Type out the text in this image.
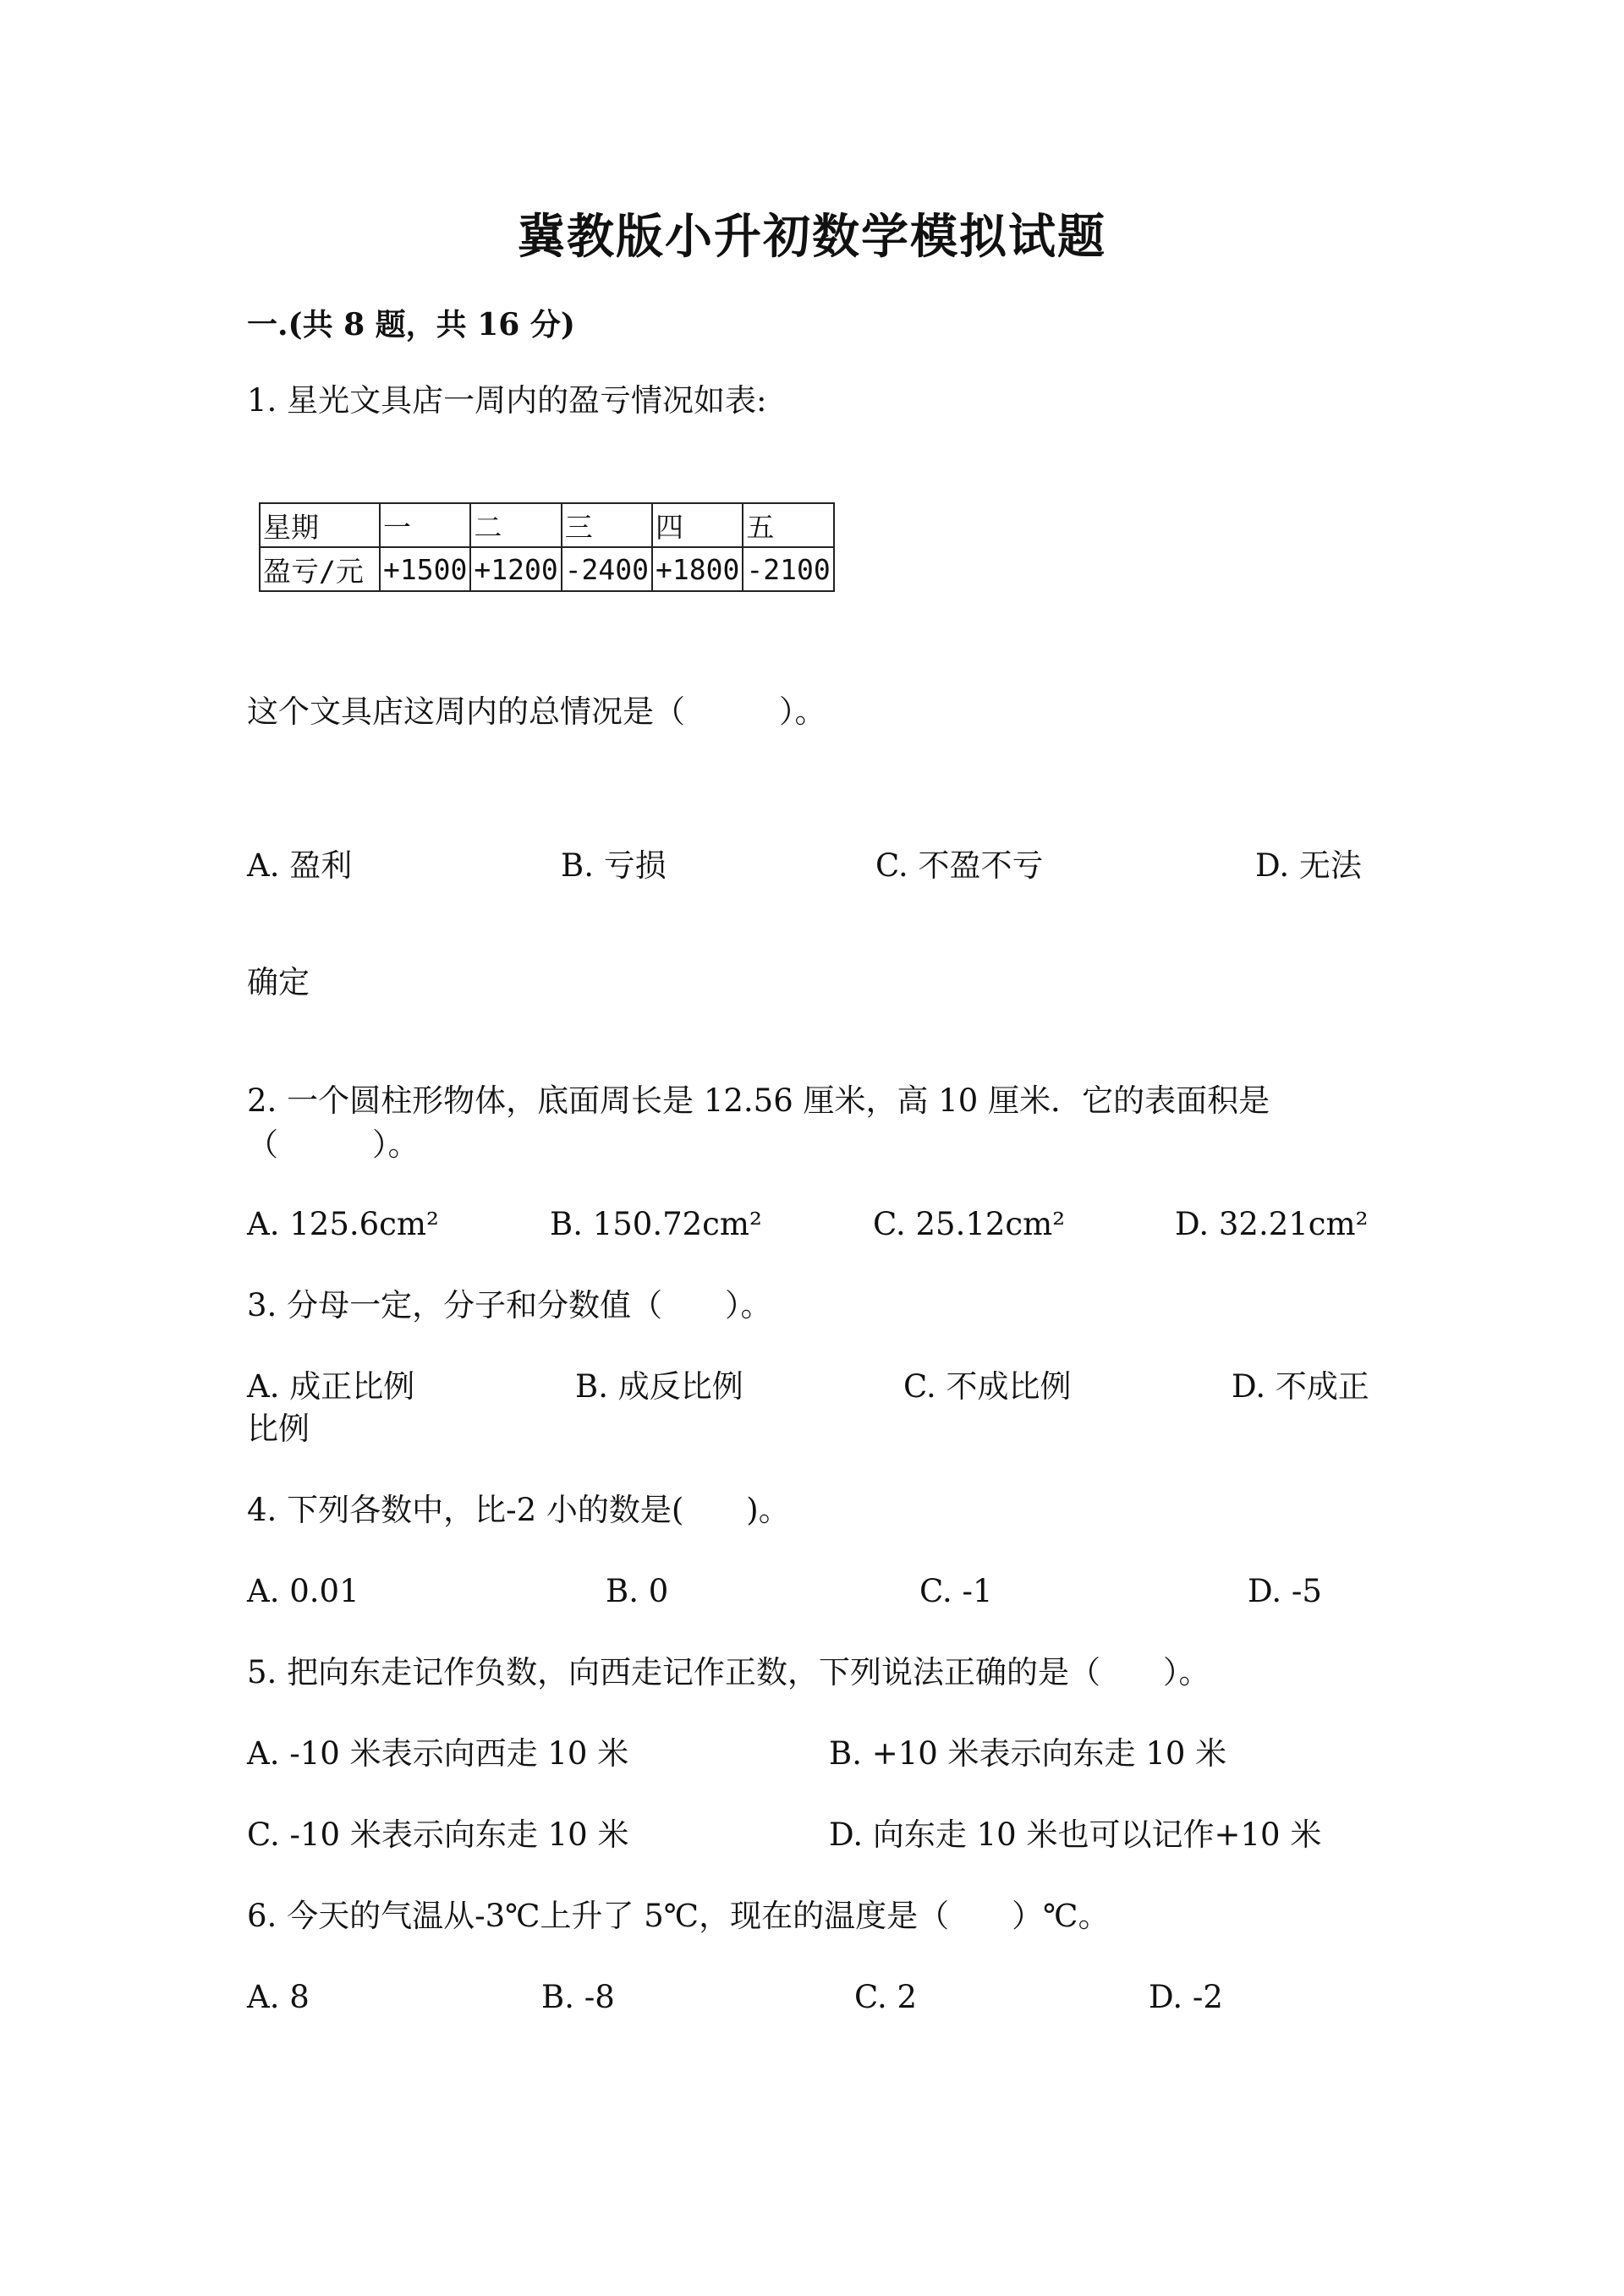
冀教版小升初数学模拟试题
一.(共 8 题，共 16 分)
1. 星光文具店一周内的盈亏情况如表:
星期	一	二	三	四	五
盈亏/元	+1500	+1200	-2400	+1800	-2100
这个文具店这周内的总情况是（　　　）。
A. 盈利	B. 亏损	C. 不盈不亏	D. 无法
确定
2. 一个圆柱形物体，底面周长是 12.56 厘米，高 10 厘米．它的表面积是
（　　　）。
A. 125.6cm²	B. 150.72cm²	C. 25.12cm²	D. 32.21cm²
3. 分母一定，分子和分数值（　　）。
A. 成正比例	B. 成反比例	C. 不成比例	D. 不成正
比例
4. 下列各数中，比-2 小的数是(　　)。
A. 0.01	B. 0	C. -1	D. -5
5. 把向东走记作负数，向西走记作正数，下列说法正确的是（　　）。
A. -10 米表示向西走 10 米	B. +10 米表示向东走 10 米
C. -10 米表示向东走 10 米	D. 向东走 10 米也可以记作+10 米
6. 今天的气温从-3℃上升了 5℃，现在的温度是（　　）℃。
A. 8	B. -8	C. 2	D. -2
